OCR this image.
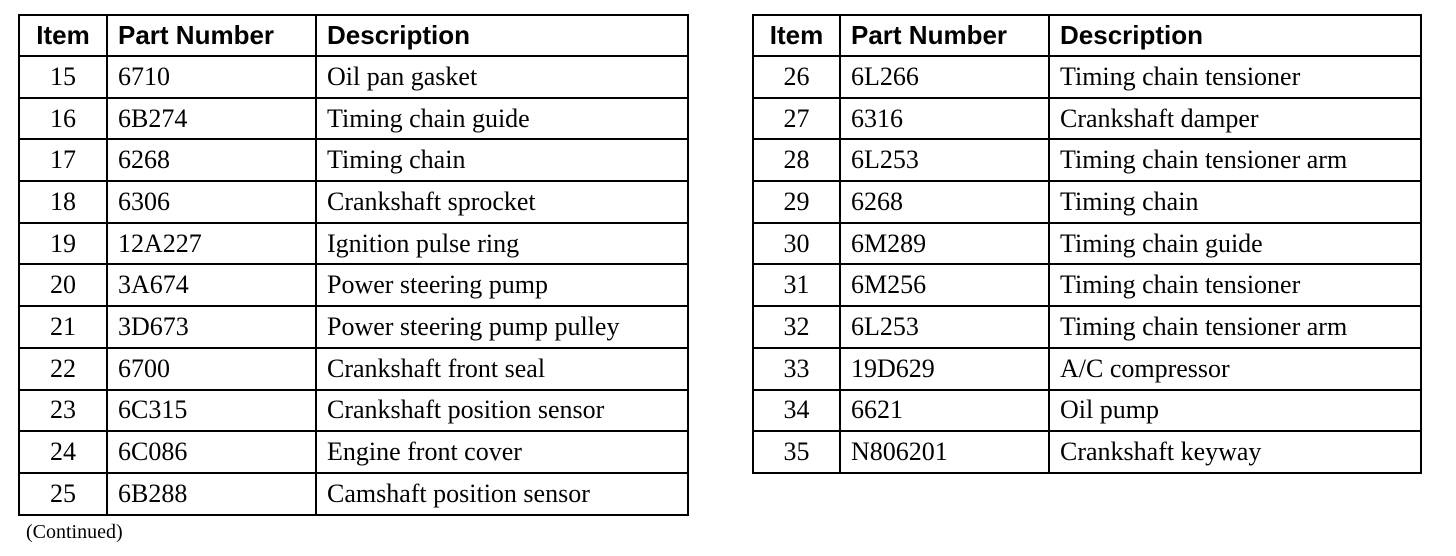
Item	Part Number	Description
15	6710	Oil pan gasket
16	6B274	Timing chain guide
17	6268	Timing chain
18	6306	Crankshaft sprocket
19	12A227	Ignition pulse ring
20	3A674	Power steering pump
21	3D673	Power steering pump pulley
22	6700	Crankshaft front seal
23	6C315	Crankshaft position sensor
24	6C086	Engine front cover
25	6B288	Camshaft position sensor
Item	Part Number	Description
26	6L266	Timing chain tensioner
27	6316	Crankshaft damper
28	6L253	Timing chain tensioner arm
29	6268	Timing chain
30	6M289	Timing chain guide
31	6M256	Timing chain tensioner
32	6L253	Timing chain tensioner arm
33	19D629	A/C compressor
34	6621	Oil pump
35	N806201	Crankshaft keyway
(Continued)
